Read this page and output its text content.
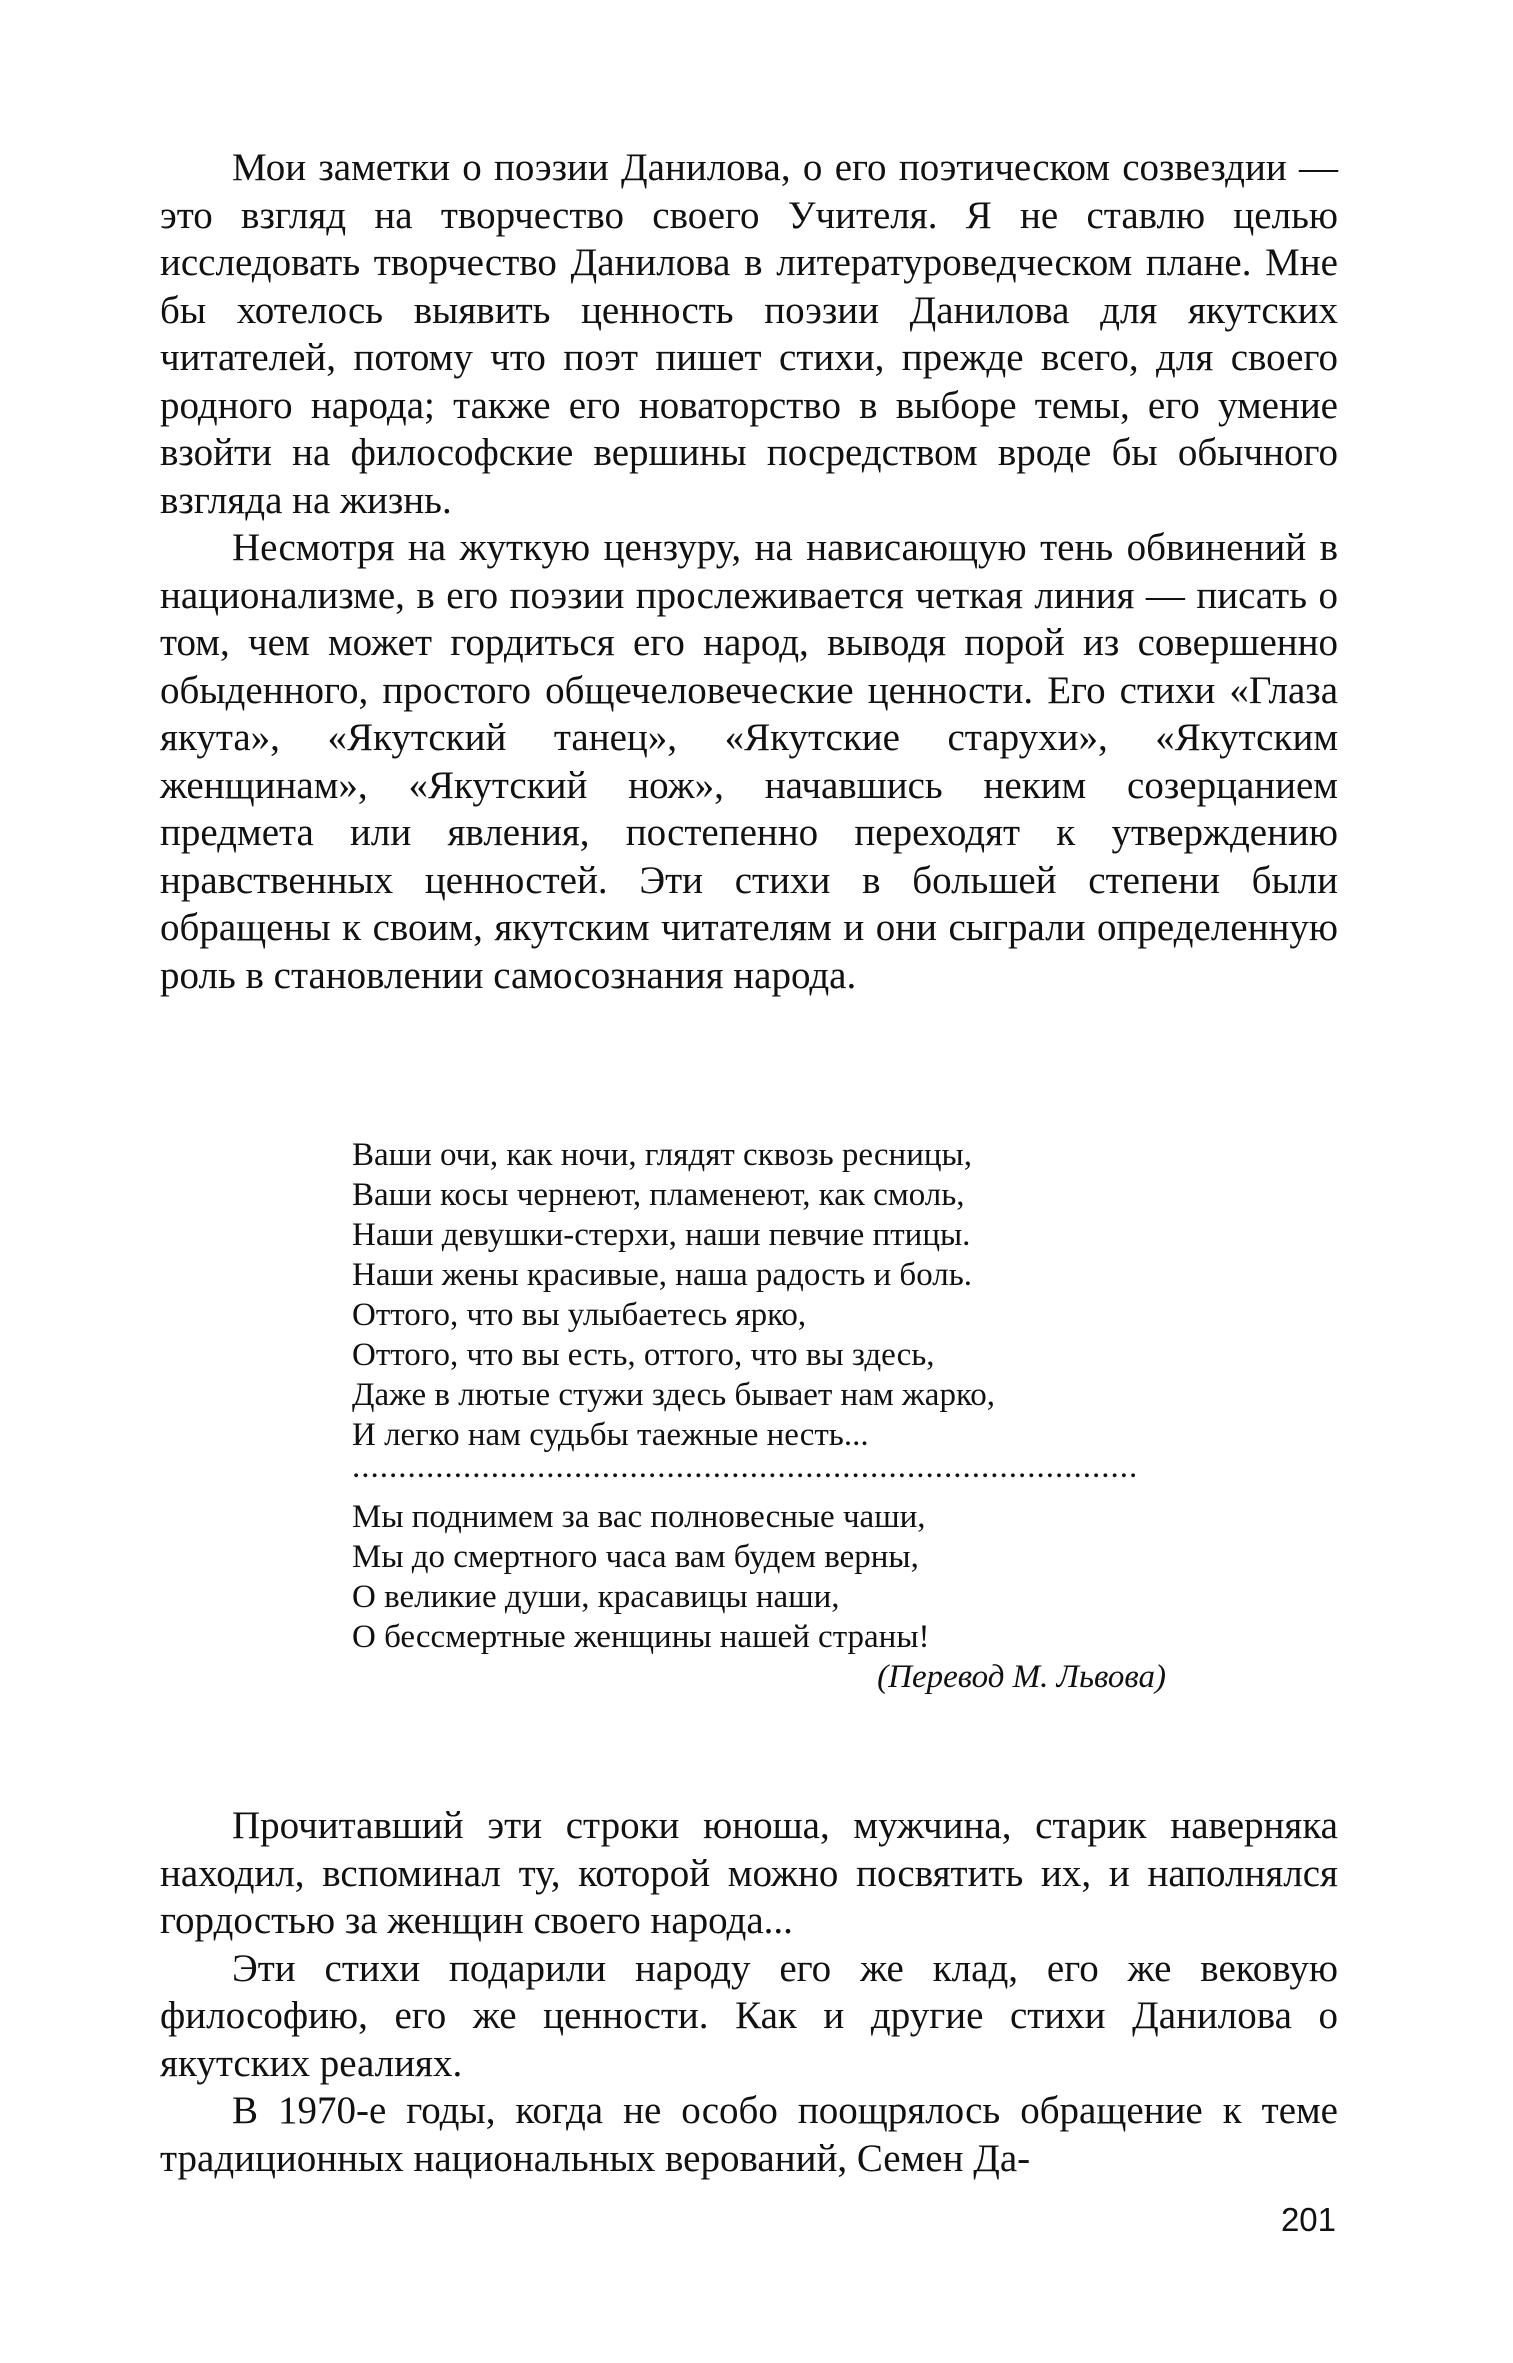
Мои заметки о поэзии Данилова, о его поэтическом созвездии — это взгляд на творчество своего Учителя. Я не ставлю целью исследовать творчество Данилова в литературоведческом плане. Мне бы хотелось выявить ценность поэзии Данилова для якутских читателей, потому что поэт пишет стихи, прежде всего, для своего родного народа; также его новаторство в выборе темы, его умение взойти на философские вершины посредством вроде бы обычного взгляда на жизнь.

Несмотря на жуткую цензуру, на нависающую тень обвинений в национализме, в его поэзии прослеживается четкая линия — писать о том, чем может гордиться его народ, выводя порой из совершенно обыденного, простого общечеловеческие ценности. Его стихи «Глаза якута», «Якутский танец», «Якутские старухи», «Якутским женщинам», «Якутский нож», начавшись неким созерцанием предмета или явления, постепенно переходят к утверждению нравственных ценностей. Эти стихи в большей степени были обращены к своим, якутским читателям и они сыграли определенную роль в становлении самосознания народа.

Ваши очи, как ночи, глядят сквозь ресницы,
Ваши косы чернеют, пламенеют, как смоль,
Наши девушки-стерхи, наши певчие птицы.
Наши жены красивые, наша радость и боль.
Оттого, что вы улыбаетесь ярко,
Оттого, что вы есть, оттого, что вы здесь,
Даже в лютые стужи здесь бывает нам жарко,
И легко нам судьбы таежные несть...
.....................................................................................
Мы поднимем за вас полновесные чаши,
Мы до смертного часа вам будем верны,
О великие души, красавицы наши,
О бессмертные женщины нашей страны!
(Перевод М. Львова)

Прочитавший эти строки юноша, мужчина, старик наверняка находил, вспоминал ту, которой можно посвятить их, и наполнялся гордостью за женщин своего народа...

Эти стихи подарили народу его же клад, его же вековую философию, его же ценности. Как и другие стихи Данилова о якутских реалиях.

В 1970-е годы, когда не особо поощрялось обращение к теме традиционных национальных верований, Семен Да-

201
